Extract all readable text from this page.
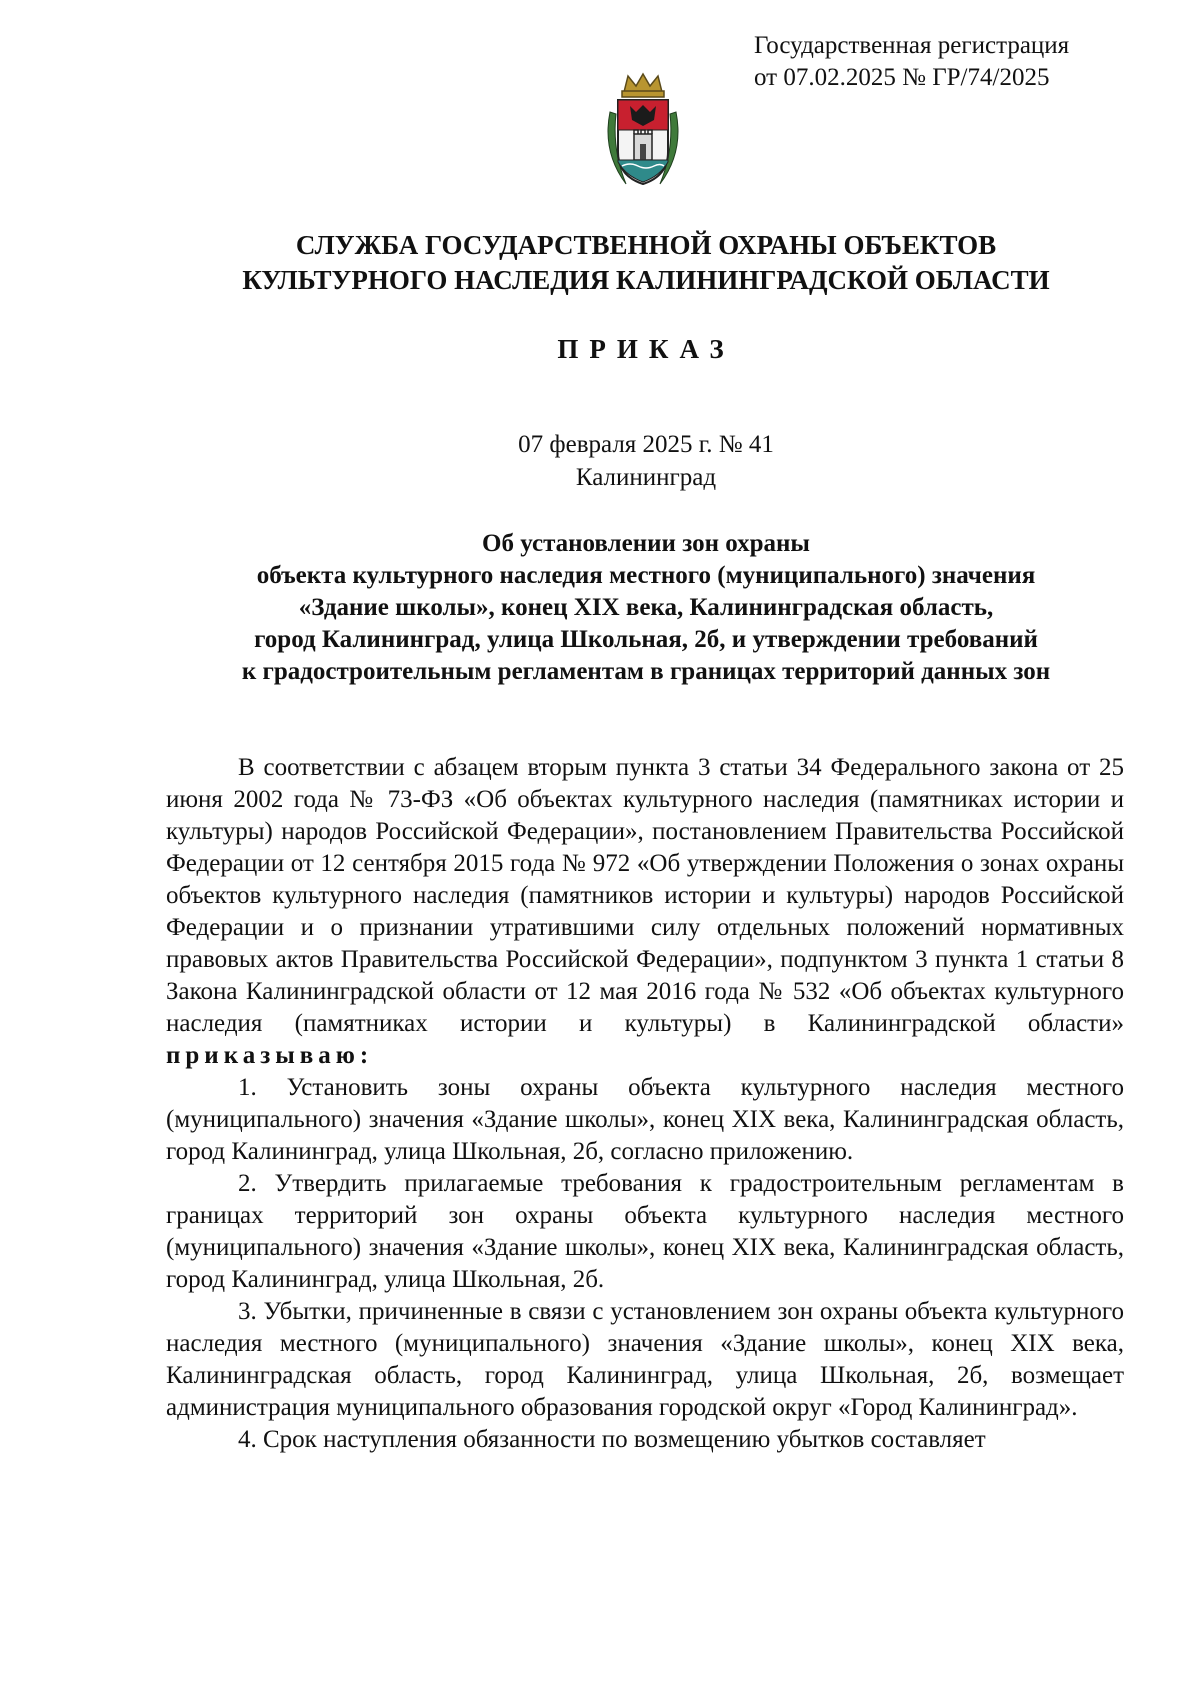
Государственная регистрация
от 07.02.2025 № ГР/74/2025
СЛУЖБА ГОСУДАРСТВЕННОЙ ОХРАНЫ ОБЪЕКТОВ
КУЛЬТУРНОГО НАСЛЕДИЯ КАЛИНИНГРАДСКОЙ ОБЛАСТИ
ПРИКАЗ
07 февраля 2025 г. № 41
Калининград
Об установлении зон охраны
объекта культурного наследия местного (муниципального) значения
«Здание школы», конец XIX века, Калининградская область,
город Калининград, улица Школьная, 2б, и утверждении требований
к градостроительным регламентам в границах территорий данных зон

В соответствии с абзацем вторым пункта 3 статьи 34 Федерального закона от 25 июня 2002 года № 73-ФЗ «Об объектах культурного наследия (памятниках истории и культуры) народов Российской Федерации», постановлением Правительства Российской Федерации от 12 сентября 2015 года № 972 «Об утверждении Положения о зонах охраны объектов культурного наследия (памятников истории и культуры) народов Российской Федерации и о признании утратившими силу отдельных положений нормативных правовых актов Правительства Российской Федерации», подпунктом 3 пункта 1 статьи 8 Закона Калининградской области от 12 мая 2016 года № 532 «Об объектах культурного наследия (памятниках истории и культуры) в Калининградской области» приказываю:

1. Установить зоны охраны объекта культурного наследия местного (муниципального) значения «Здание школы», конец XIX века, Калининградская область, город Калининград, улица Школьная, 2б, согласно приложению.

2. Утвердить прилагаемые требования к градостроительным регламентам в границах территорий зон охраны объекта культурного наследия местного (муниципального) значения «Здание школы», конец XIX века, Калининградская область, город Калининград, улица Школьная, 2б.

3. Убытки, причиненные в связи с установлением зон охраны объекта культурного наследия местного (муниципального) значения «Здание школы», конец XIX века, Калининградская область, город Калининград, улица Школьная, 2б, возмещает администрация муниципального образования городской округ «Город Калининград».

4. Срок наступления обязанности по возмещению убытков составляет
